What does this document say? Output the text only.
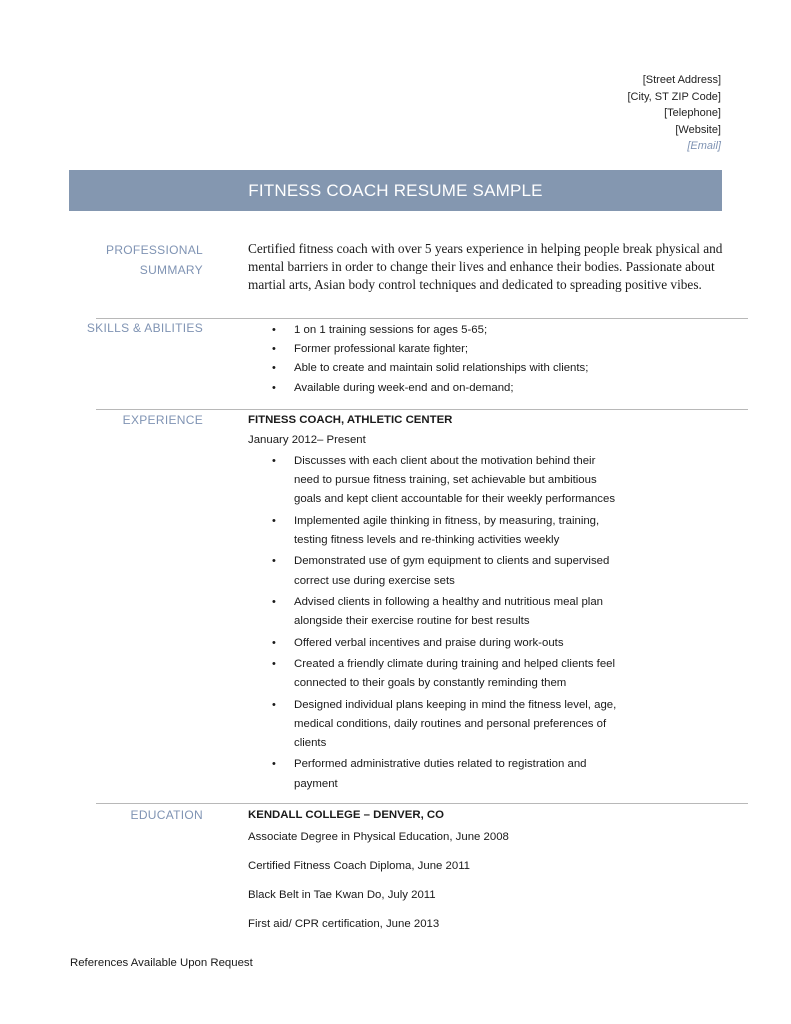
[Street Address]
[City, ST ZIP Code]
[Telephone]
[Website]
[Email]
FITNESS COACH RESUME SAMPLE
PROFESSIONAL
SUMMARY
Certified fitness coach with over 5 years experience in helping people break physical and mental barriers in order to change their lives and enhance their bodies. Passionate about martial arts, Asian body control techniques and dedicated to spreading positive vibes.
SKILLS & ABILITIES	• 1 on 1 training sessions for ages 5-65;
• Former professional karate fighter;
• Able to create and maintain solid relationships with clients;
• Available during week-end and on-demand;
EXPERIENCE	FITNESS COACH, ATHLETIC CENTER
January 2012– Present
• Discusses with each client about the motivation behind their need to pursue fitness training, set achievable but ambitious goals and kept client accountable for their weekly performances
• Implemented agile thinking in fitness, by measuring, training, testing fitness levels and re-thinking activities weekly
• Demonstrated use of gym equipment to clients and supervised correct use during exercise sets
• Advised clients in following a healthy and nutritious meal plan alongside their exercise routine for best results
• Offered verbal incentives and praise during work-outs
• Created a friendly climate during training and helped clients feel connected to their goals by constantly reminding them
• Designed individual plans keeping in mind the fitness level, age, medical conditions, daily routines and personal preferences of clients
• Performed administrative duties related to registration and payment
EDUCATION	KENDALL COLLEGE – DENVER, CO
Associate Degree in Physical Education, June 2008
Certified Fitness Coach Diploma, June 2011
Black Belt in Tae Kwan Do, July 2011
First aid/ CPR certification, June 2013
References Available Upon Request
